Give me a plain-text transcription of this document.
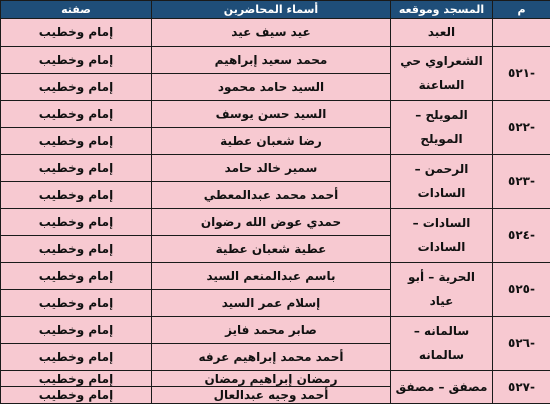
م	المسجد وموقعه	أسماء المحاضرين	صفته
	العبد	عيد سيف عيد	إمام وخطيب
-٥٢١	الشعراوي حي الساعنة	محمد سعيد إبراهيم	إمام وخطيب
		السيد حامد محمود	إمام وخطيب
-٥٢٢	المويلح – المويلح	السيد حسن يوسف	إمام وخطيب
		رضا شعبان عطية	إمام وخطيب
-٥٢٣	الرحمن – السادات	سمير خالد حامد	إمام وخطيب
		أحمد محمد عبدالمعطي	إمام وخطيب
-٥٢٤	السادات – السادات	حمدي عوض الله رضوان	إمام وخطيب
		عطية شعبان عطية	إمام وخطيب
-٥٢٥	الحرية – أبو عياد	باسم عبدالمنعم السيد	إمام وخطيب
		إسلام عمر السيد	إمام وخطيب
-٥٢٦	سالمانه – سالمانه	صابر محمد فايز	إمام وخطيب
		أحمد محمد إبراهيم عرفه	إمام وخطيب
-٥٢٧	مصفق – مصفق	رمضان إبراهيم رمضان	إمام وخطيب
		أحمد وجيه عبدالعال	إمام وخطيب
